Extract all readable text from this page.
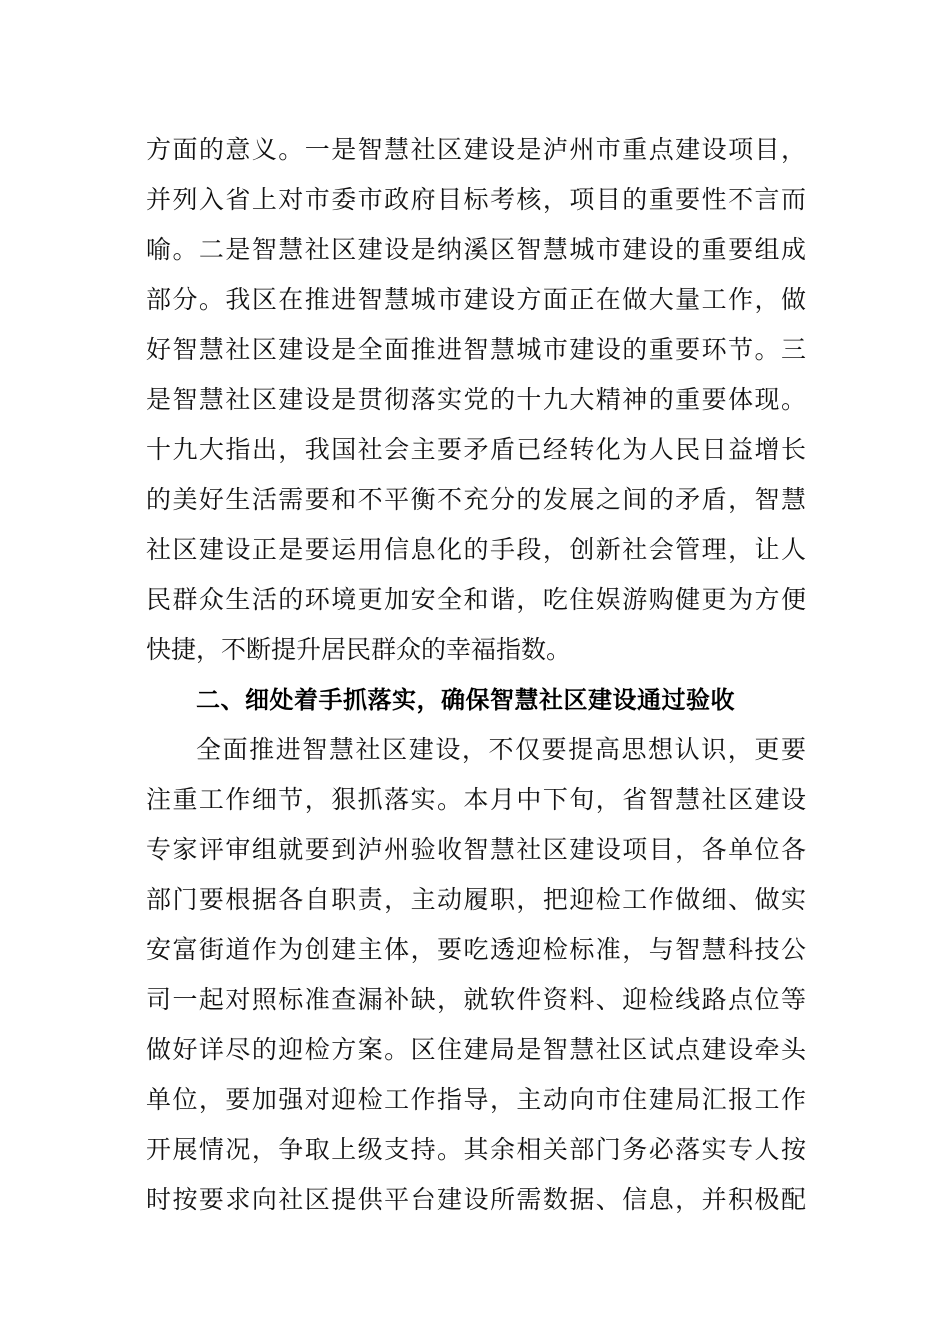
方面的意义。一是智慧社区建设是泸州市重点建设项目，
并列入省上对市委市政府目标考核，项目的重要性不言而
喻。二是智慧社区建设是纳溪区智慧城市建设的重要组成
部分。我区在推进智慧城市建设方面正在做大量工作，做
好智慧社区建设是全面推进智慧城市建设的重要环节。三
是智慧社区建设是贯彻落实党的十九大精神的重要体现。
十九大指出，我国社会主要矛盾已经转化为人民日益增长
的美好生活需要和不平衡不充分的发展之间的矛盾，智慧
社区建设正是要运用信息化的手段，创新社会管理，让人
民群众生活的环境更加安全和谐，吃住娱游购健更为方便
快捷，不断提升居民群众的幸福指数。
二、细处着手抓落实，确保智慧社区建设通过验收
全面推进智慧社区建设，不仅要提高思想认识，更要
注重工作细节，狠抓落实。本月中下旬，省智慧社区建设
专家评审组就要到泸州验收智慧社区建设项目，各单位各
部门要根据各自职责，主动履职，把迎检工作做细、做实
安富街道作为创建主体，要吃透迎检标准，与智慧科技公
司一起对照标准查漏补缺，就软件资料、迎检线路点位等
做好详尽的迎检方案。区住建局是智慧社区试点建设牵头
单位，要加强对迎检工作指导，主动向市住建局汇报工作
开展情况，争取上级支持。其余相关部门务必落实专人按
时按要求向社区提供平台建设所需数据、信息，并积极配
